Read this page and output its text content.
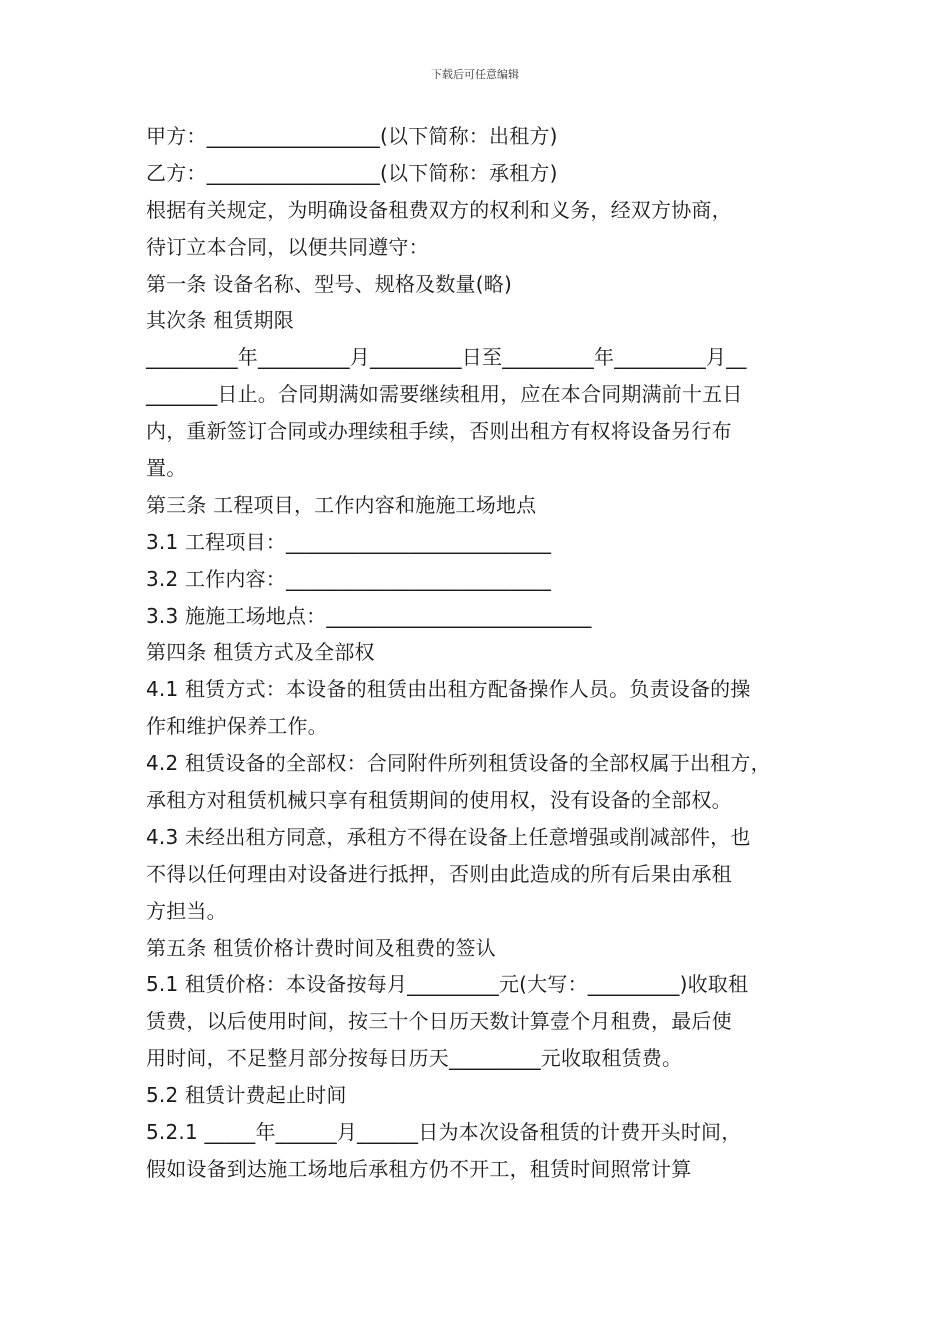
下载后可任意编辑
甲方：_________________(以下简称：出租方)
乙方：_________________(以下简称：承租方)
根据有关规定，为明确设备租费双方的权利和义务，经双方协商，
待订立本合同，以便共同遵守：
第一条 设备名称、型号、规格及数量(略)
其次条 租赁期限
_________年_________月_________日至_________年_________月__
_______日止。合同期满如需要继续租用，应在本合同期满前十五日
内，重新签订合同或办理续租手续，否则出租方有权将设备另行布
置。
第三条 工程项目，工作内容和施施工场地点
3.1 工程项目：__________________________
3.2 工作内容：__________________________
3.3 施施工场地点：__________________________
第四条 租赁方式及全部权
4.1 租赁方式：本设备的租赁由出租方配备操作人员。负责设备的操
作和维护保养工作。
4.2 租赁设备的全部权：合同附件所列租赁设备的全部权属于出租方，
承租方对租赁机械只享有租赁期间的使用权，没有设备的全部权。
4.3 未经出租方同意，承租方不得在设备上任意增强或削减部件，也
不得以任何理由对设备进行抵押，否则由此造成的所有后果由承租
方担当。
第五条 租赁价格计费时间及租费的签认
5.1 租赁价格：本设备按每月_________元(大写：_________)收取租
赁费，以后使用时间，按三十个日历天数计算壹个月租费，最后使
用时间，不足整月部分按每日历天_________元收取租赁费。
5.2 租赁计费起止时间
5.2.1 _____年______月______日为本次设备租赁的计费开头时间，
假如设备到达施工场地后承租方仍不开工，租赁时间照常计算
